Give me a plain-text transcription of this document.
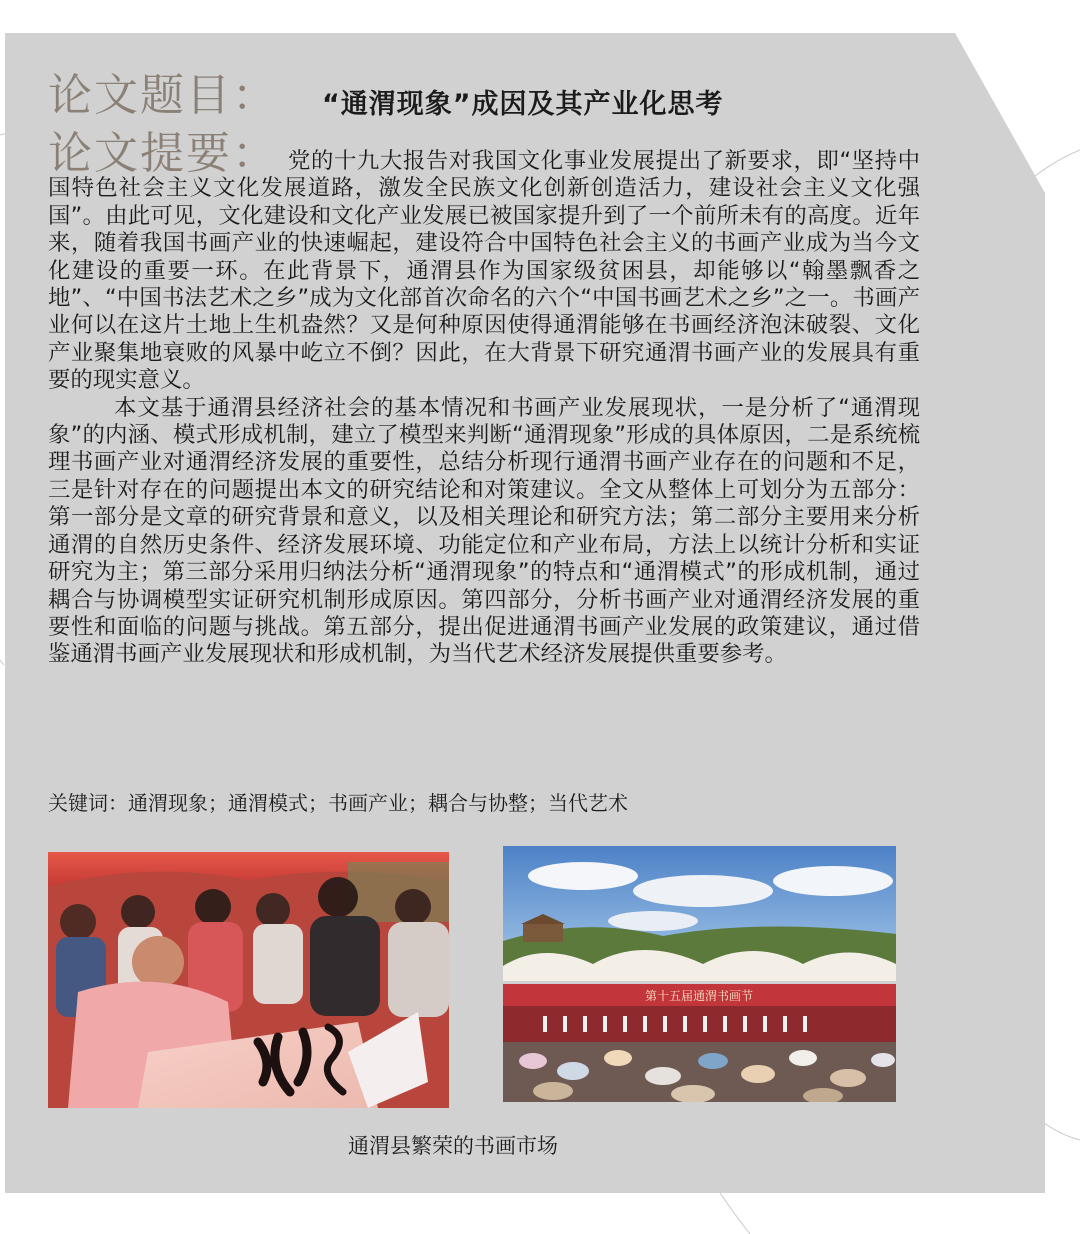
论文题目： “通渭现象”成因及其产业化思考
论文提要： 党的十九大报告对我国文化事业发展提出了新要求，即“坚持中国特色社会主义文化发展道路，激发全民族文化创新创造活力，建设社会主义文化强国”。由此可见，文化建设和文化产业发展已被国家提升到了一个前所未有的高度。近年来，随着我国书画产业的快速崛起，建设符合中国特色社会主义的书画产业成为当今文化建设的重要一环。在此背景下，通渭县作为国家级贫困县，却能够以“翰墨飘香之地”、“中国书法艺术之乡”成为文化部首次命名的六个“中国书画艺术之乡”之一。书画产业何以在这片土地上生机盎然？又是何种原因使得通渭能够在书画经济泡沫破裂、文化产业聚集地衰败的风暴中屹立不倒？因此，在大背景下研究通渭书画产业的发展具有重要的现实意义。

本文基于通渭县经济社会的基本情况和书画产业发展现状，一是分析了“通渭现象”的内涵、模式形成机制，建立了模型来判断“通渭现象”形成的具体原因，二是系统梳理书画产业对通渭经济发展的重要性，总结分析现行通渭书画产业存在的问题和不足，三是针对存在的问题提出本文的研究结论和对策建议。全文从整体上可划分为五部分：第一部分是文章的研究背景和意义，以及相关理论和研究方法；第二部分主要用来分析通渭的自然历史条件、经济发展环境、功能定位和产业布局，方法上以统计分析和实证研究为主；第三部分采用归纳法分析“通渭现象”的特点和“通渭模式”的形成机制，通过耦合与协调模型实证研究机制形成原因。第四部分，分析书画产业对通渭经济发展的重要性和面临的问题与挑战。第五部分，提出促进通渭书画产业发展的政策建议，通过借鉴通渭书画产业发展现状和形成机制，为当代艺术经济发展提供重要参考。

关键词：通渭现象；通渭模式；书画产业；耦合与协整；当代艺术
第十五届通渭书画节
通渭县繁荣的书画市场
